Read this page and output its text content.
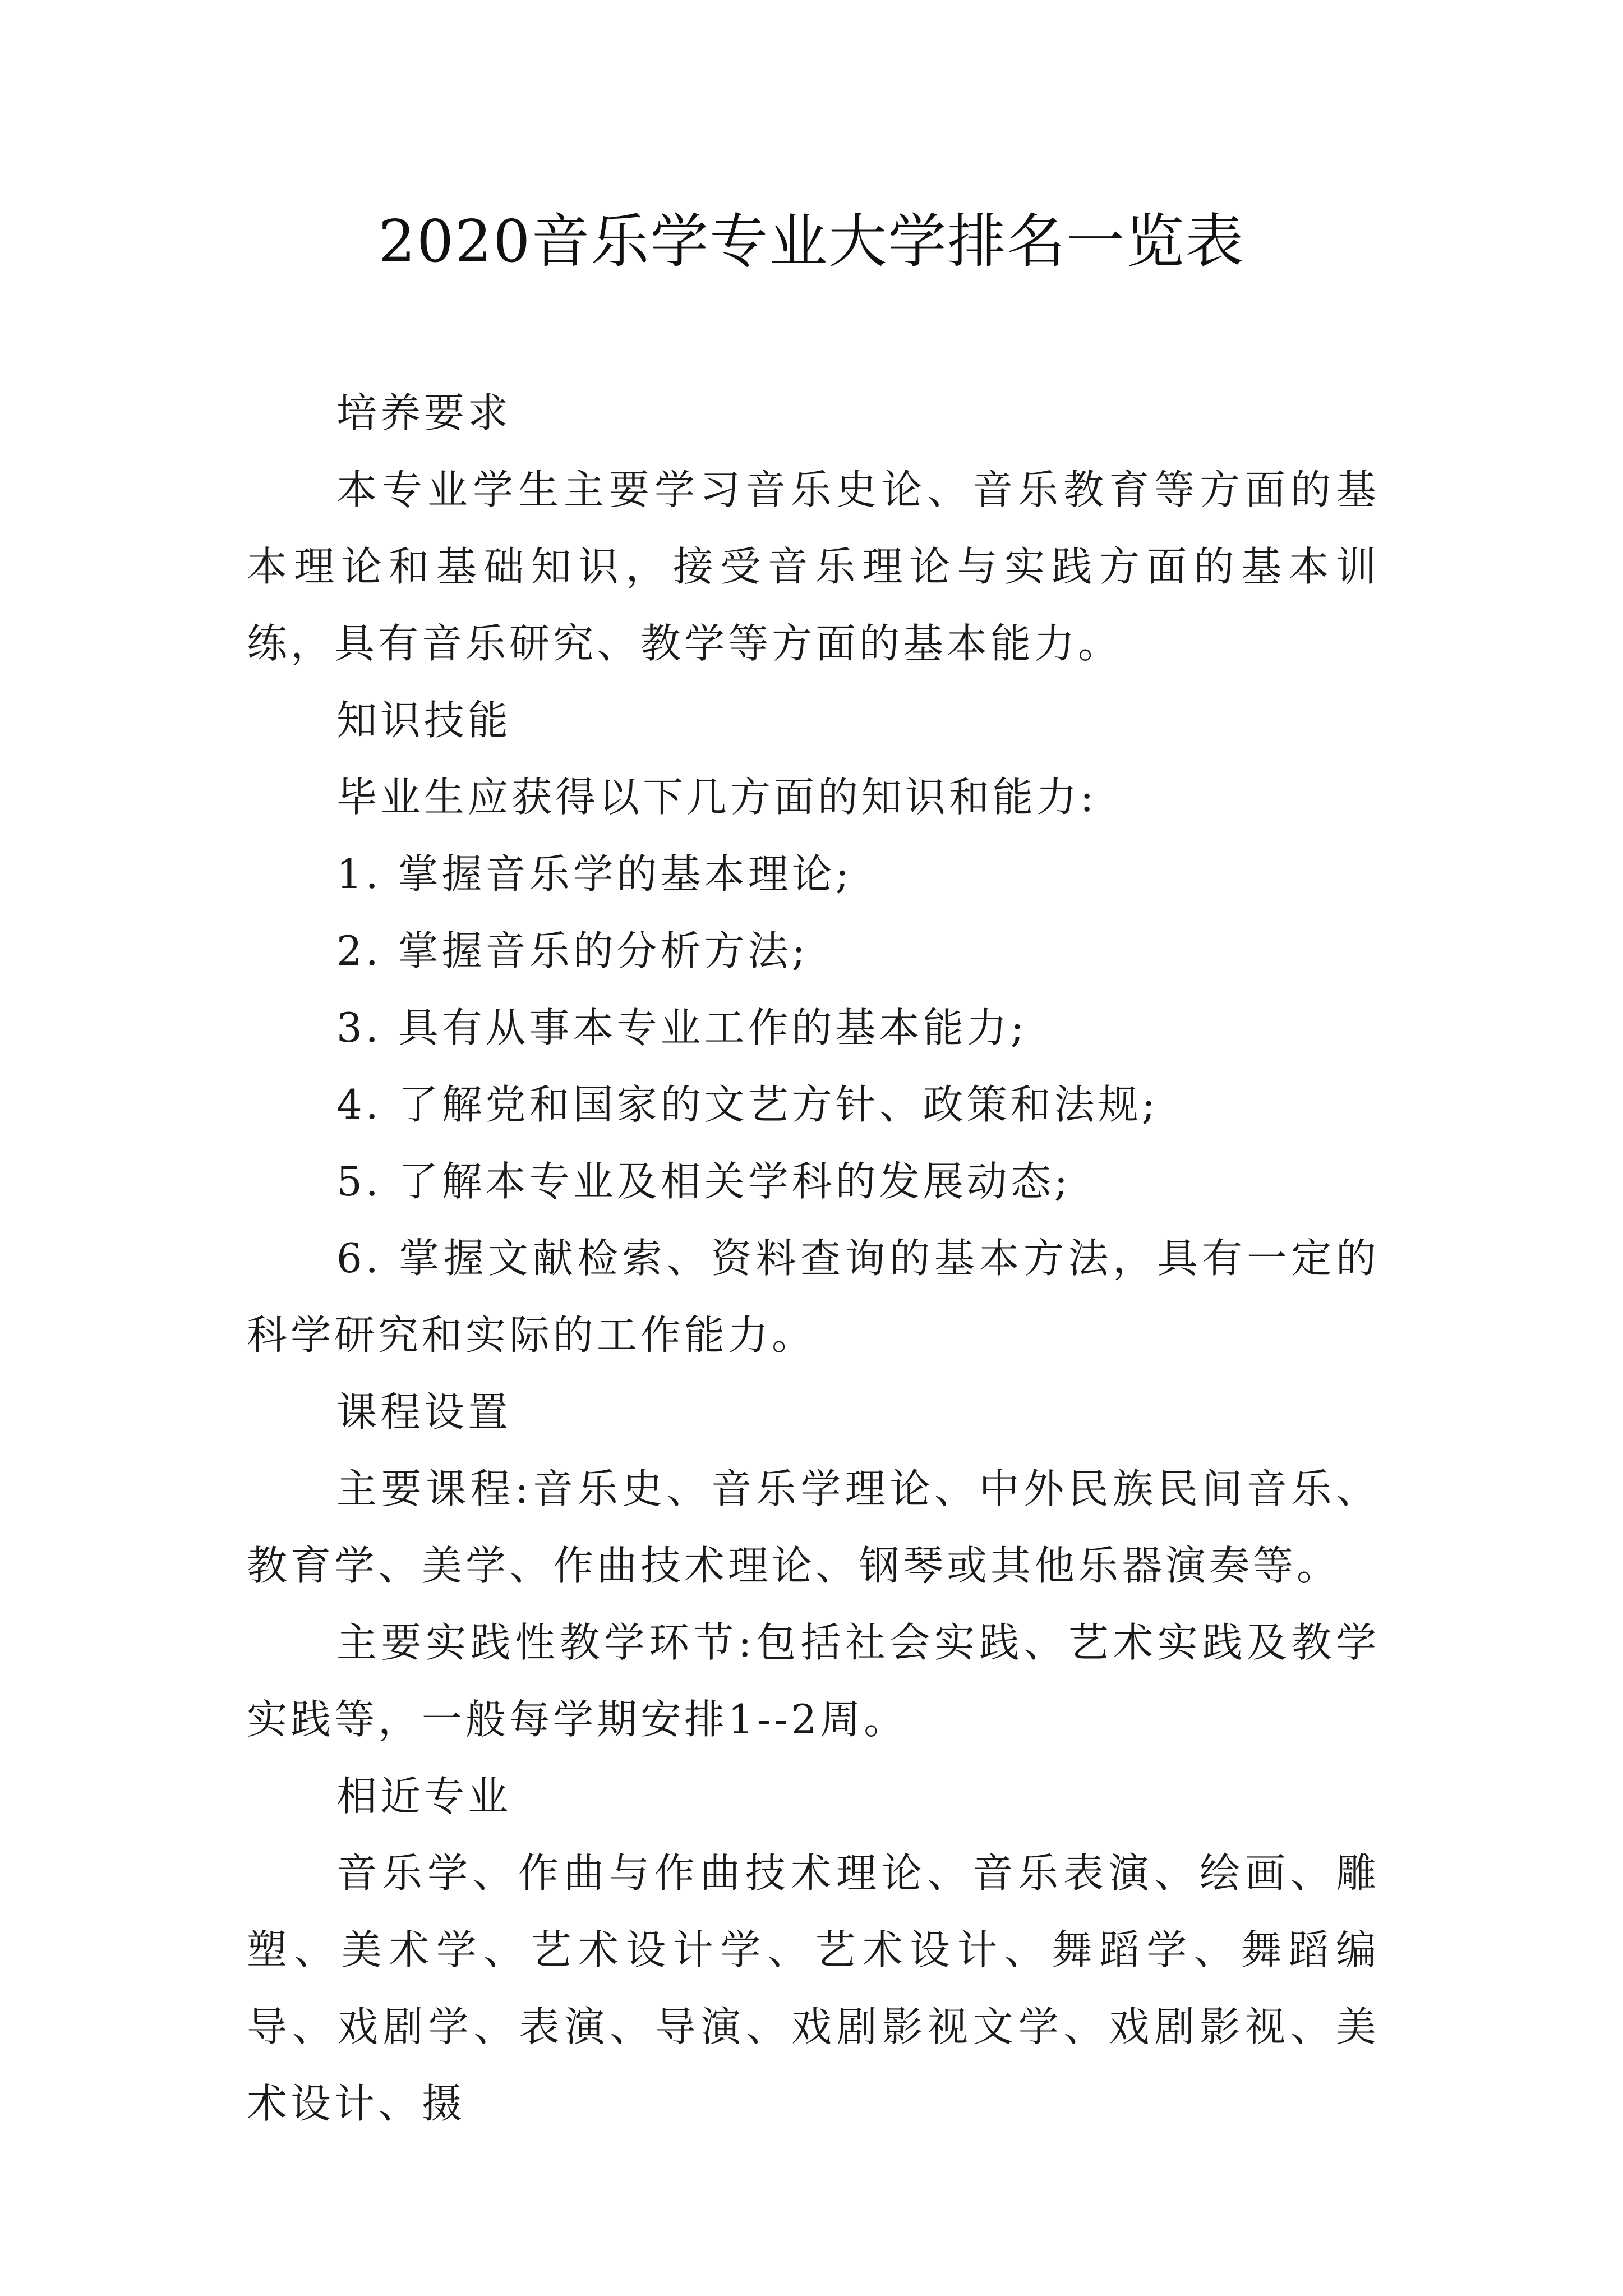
2020音乐学专业大学排名一览表

培养要求

本专业学生主要学习音乐史论、音乐教育等方面的基本理论和基础知识，接受音乐理论与实践方面的基本训练，具有音乐研究、教学等方面的基本能力。

知识技能

毕业生应获得以下几方面的知识和能力:

1. 掌握音乐学的基本理论;

2. 掌握音乐的分析方法;

3. 具有从事本专业工作的基本能力;

4. 了解党和国家的文艺方针、政策和法规;

5. 了解本专业及相关学科的发展动态;

6. 掌握文献检索、资料查询的基本方法，具有一定的科学研究和实际的工作能力。

课程设置

主要课程:音乐史、音乐学理论、中外民族民间音乐、教育学、美学、作曲技术理论、钢琴或其他乐器演奏等。

主要实践性教学环节:包括社会实践、艺术实践及教学实践等，一般每学期安排1--2周。

相近专业

音乐学、作曲与作曲技术理论、音乐表演、绘画、雕塑、美术学、艺术设计学、艺术设计、舞蹈学、舞蹈编导、戏剧学、表演、导演、戏剧影视文学、戏剧影视、美术设计、摄
